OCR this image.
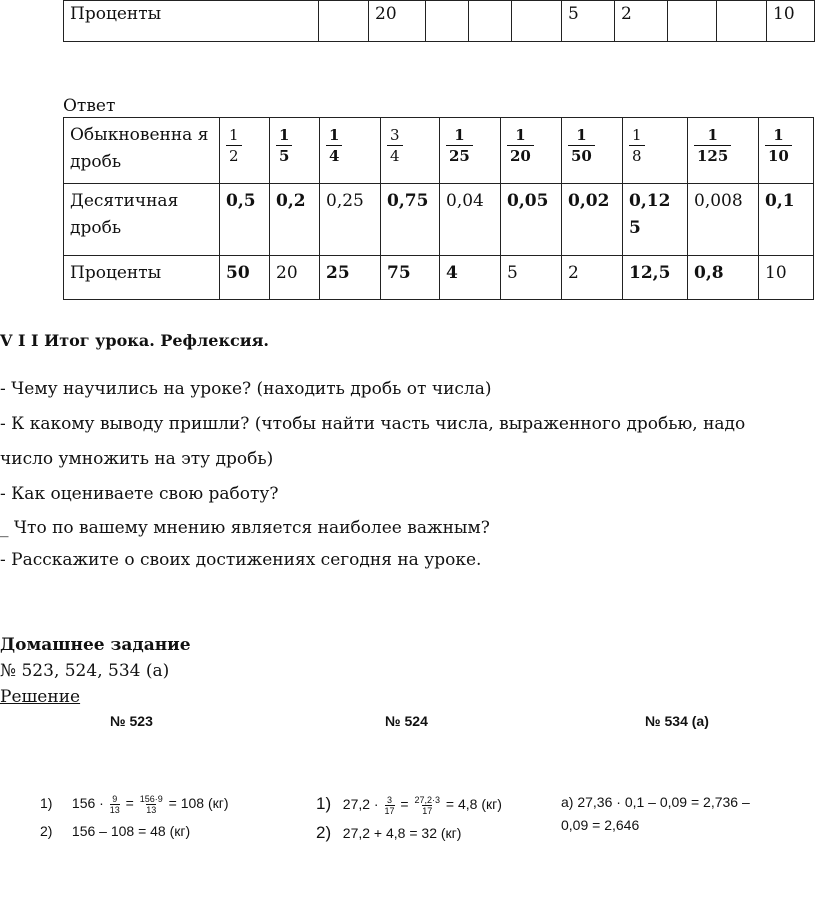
Проценты		20				5	2			10
Ответ
Обыкновенна я дробь	$\frac{1}{2}$	$\frac{1}{5}$	$\frac{1}{4}$	$\frac{3}{4}$	$\frac{1}{25}$	$\frac{1}{20}$	$\frac{1}{50}$	$\frac{1}{8}$	$\frac{1}{125}$	$\frac{1}{10}$

Десятичная дробь	0,5	0,2	0,25	0,75	0,04	0,05	0,02	0,125	0,008	0,1
Проценты	50	20	25	75	4	5	2	12,5	0,8	10
V I I Итог урока. Рефлексия.
- Чему научились на уроке? (находить дробь от числа)
- К какому выводу пришли? (чтобы найти часть числа, выраженного дробью, надо
число умножить на эту дробь)
- Как оцениваете свою работу?
_ Что по вашему мнению является наиболее важным?
- Расскажите о своих достижениях сегодня на уроке.
Домашнее задание
№ 523, 524, 534 (а)
Решение
№ 523	№ 524	№ 534 (а)
1) $156 \cdot \frac{9}{13} = \frac{156\cdot 9}{13} = 108$ (кг)
2) 156 – 108 = 48 (кг)
1) $27,2 \cdot \frac{3}{17} = \frac{27,2\cdot 3}{17} = 4,8$ (кг)
2) 27,2 + 4,8 = 32 (кг)
а) 27,36 · 0,1 – 0,09 = 2,736 –
0,09 = 2,646
